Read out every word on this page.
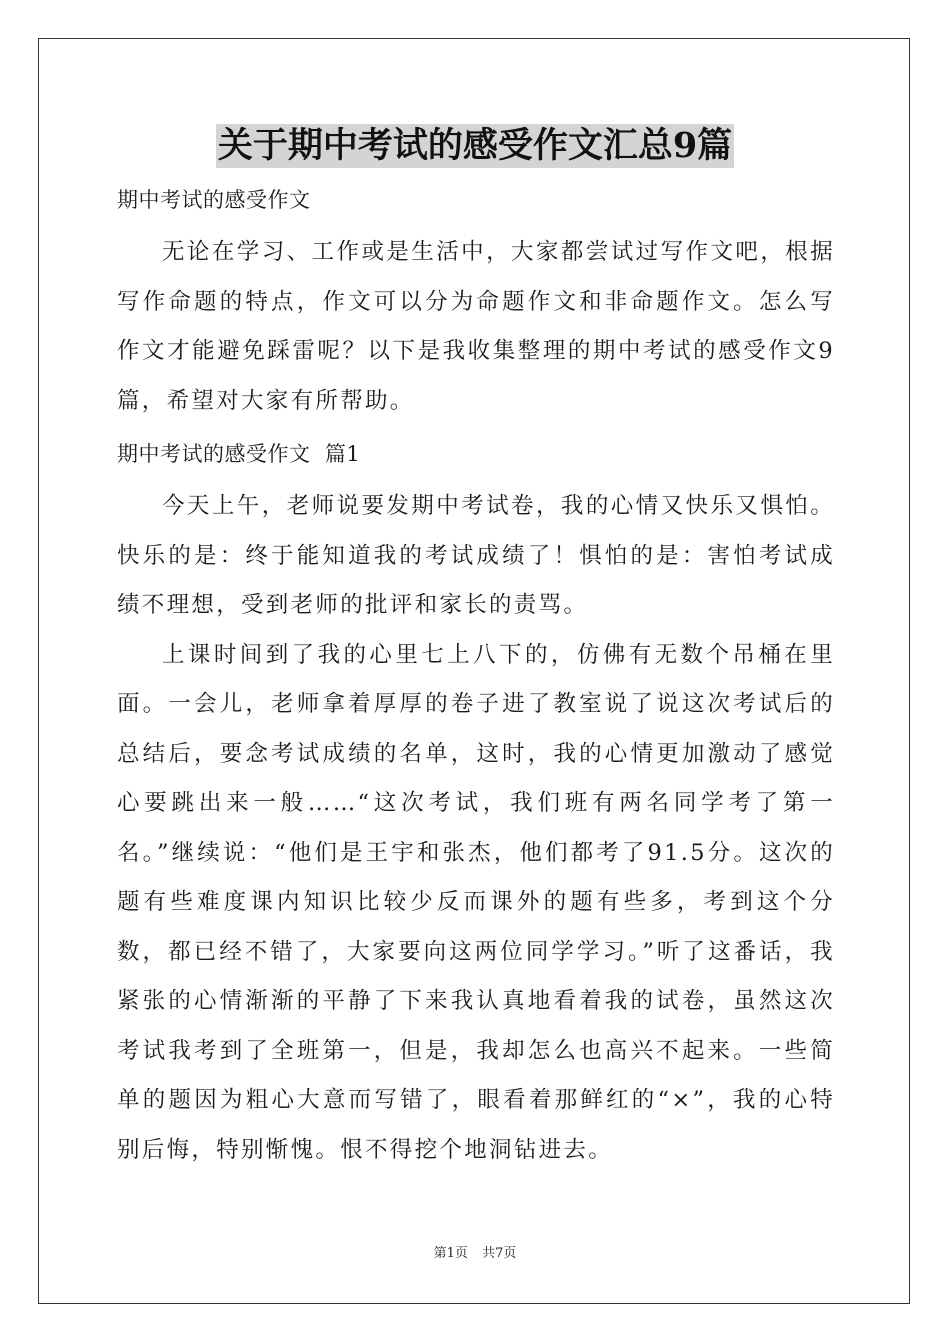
关于期中考试的感受作文汇总9篇

期中考试的感受作文

无论在学习、工作或是生活中，大家都尝试过写作文吧，根据写作命题的特点，作文可以分为命题作文和非命题作文。怎么写作文才能避免踩雷呢？以下是我收集整理的期中考试的感受作文9篇，希望对大家有所帮助。

期中考试的感受作文  篇1

今天上午，老师说要发期中考试卷，我的心情又快乐又惧怕。快乐的是：终于能知道我的考试成绩了！惧怕的是：害怕考试成绩不理想，受到老师的批评和家长的责骂。

上课时间到了我的心里七上八下的，仿佛有无数个吊桶在里面。一会儿，老师拿着厚厚的卷子进了教室说了说这次考试后的总结后，要念考试成绩的名单，这时，我的心情更加激动了感觉心要跳出来一般……“这次考试，我们班有两名同学考了第一名。”继续说：“他们是王宇和张杰，他们都考了91.5分。这次的题有些难度课内知识比较少反而课外的题有些多，考到这个分数，都已经不错了，大家要向这两位同学学习。”听了这番话，我紧张的心情渐渐的平静了下来我认真地看着我的试卷，虽然这次考试我考到了全班第一，但是，我却怎么也高兴不起来。一些简单的题因为粗心大意而写错了，眼看着那鲜红的“×”，我的心特别后悔，特别惭愧。恨不得挖个地洞钻进去。

第1页 共7页
